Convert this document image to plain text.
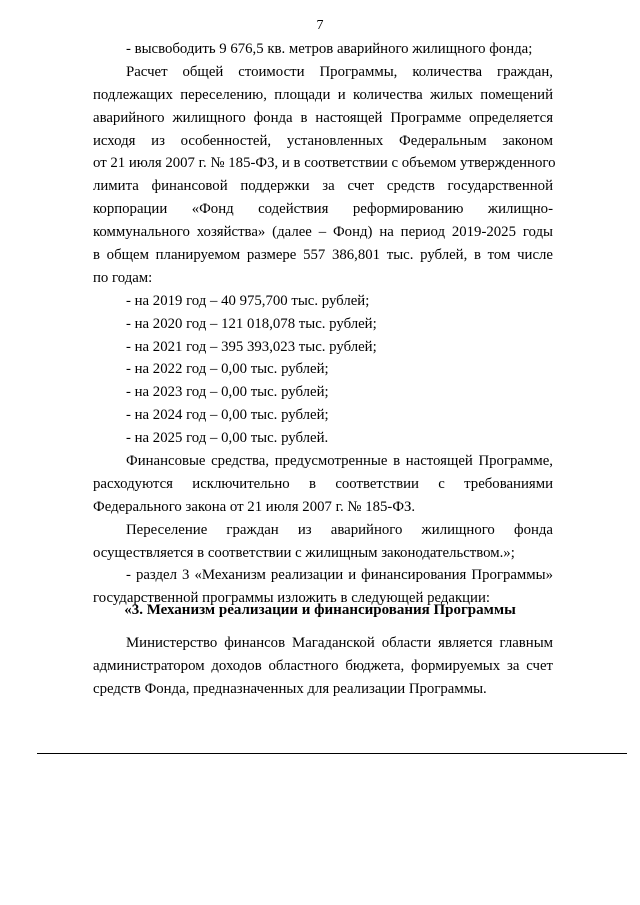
7
- высвободить 9 676,5 кв. метров аварийного жилищного фонда;
Расчет общей стоимости Программы, количества граждан,
подлежащих переселению, площади и количества жилых помещений
аварийного жилищного фонда в настоящей Программе определяется
исходя из особенностей, установленных Федеральным законом
от 21 июля 2007 г. № 185-ФЗ, и в соответствии с объемом утвержденного
лимита финансовой поддержки за счет средств государственной
корпорации «Фонд содействия реформированию жилищно-
коммунального хозяйства» (далее – Фонд) на период 2019-2025 годы
в общем планируемом размере 557 386,801 тыс. рублей, в том числе
по годам:
- на 2019 год – 40 975,700 тыс. рублей;
- на 2020 год – 121 018,078 тыс. рублей;
- на 2021 год – 395 393,023 тыс. рублей;
- на 2022 год – 0,00 тыс. рублей;
- на 2023 год – 0,00 тыс. рублей;
- на 2024 год – 0,00 тыс. рублей;
- на 2025 год – 0,00 тыс. рублей.
Финансовые средства, предусмотренные в настоящей Программе,
расходуются исключительно в соответствии с требованиями
Федерального закона от 21 июля 2007 г. № 185-ФЗ.
Переселение граждан из аварийного жилищного фонда
осуществляется в соответствии с жилищным законодательством.»;
- раздел 3 «Механизм реализации и финансирования Программы»
государственной программы изложить в следующей редакции:
«3. Механизм реализации и финансирования Программы
Министерство финансов Магаданской области является главным
администратором доходов областного бюджета, формируемых за счет
средств Фонда, предназначенных для реализации Программы.
